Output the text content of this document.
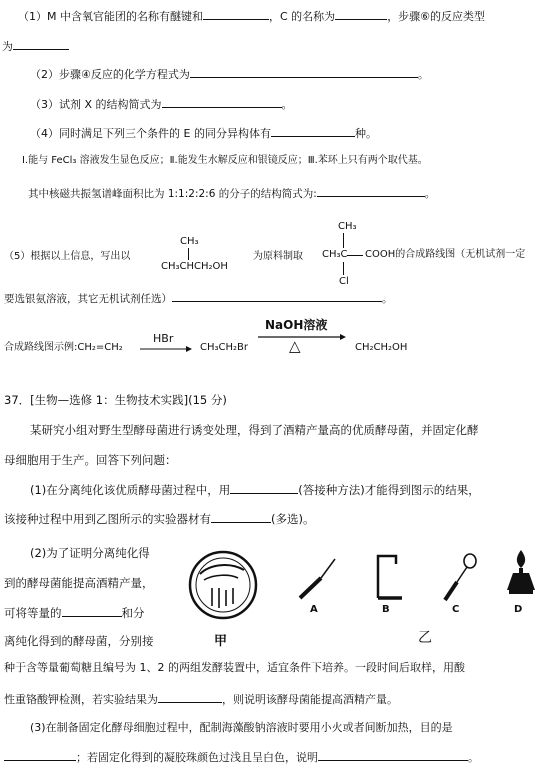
（1）M 中含氧官能团的名称有醚键和	，C 的名称为	，步骤⑥的反应类型
为
（2）步骤④反应的化学方程式为	。
（3）试剂 X 的结构简式为	。
（4）同时满足下列三个条件的 E 的同分异构体有	种。
Ⅰ.能与 FeCl₃ 溶液发生显色反应；Ⅱ.能发生水解反应和银镜反应；Ⅲ.苯环上只有两个取代基。
其中核磁共振氢谱峰面积比为 1:1:2:2:6 的分子的结构简式为:	。
（5）根据以上信息，写出以
CH₃
CH₃CHCH₂OH
为原料制取
CH₃
CH₃C COOH的合成路线图（无机试剂一定
Cl
要选银氨溶液，其它无机试剂任选）	。
合成路线图示例:CH₂=CH₂
HBr
CH₃CH₂Br
NaOH溶液
△	CH₂CH₂OH
37．[生物—选修 1：生物技术实践](15 分)
某研究小组对野生型酵母菌进行诱变处理，得到了酒精产量高的优质酵母菌，并固定化酵
母细胞用于生产。回答下列问题：
(1)在分离纯化该优质酵母菌过程中，用	(答接种方法)才能得到图示的结果，
该接种过程中用到乙图所示的实验器材有	(多选)。
(2)为了证明分离纯化得
到的酵母菌能提高酒精产量，
可将等量的	和分
离纯化得到的酵母菌，分别接
种于含等量葡萄糖且编号为 1、2 的两组发酵装置中，适宜条件下培养。一段时间后取样，用酸
性重铬酸钾检测，若实验结果为	，则说明该酵母菌能提高酒精产量。
(3)在制备固定化酵母细胞过程中，配制海藻酸钠溶液时要用小火或者间断加热，目的是
；若固定化得到的凝胶珠颜色过浅且呈白色，说明	。
甲
A	B	C	D
乙
